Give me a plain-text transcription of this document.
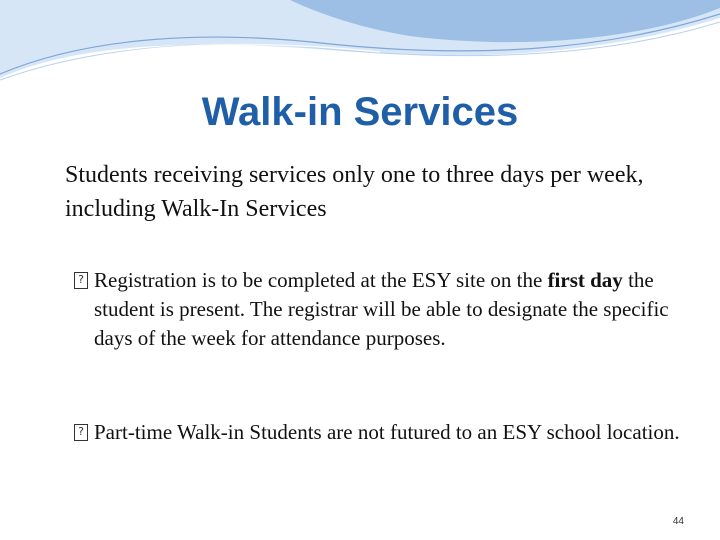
Walk-in Services
Students receiving services only one to three days per week, including Walk-In Services
?
Registration is to be completed at the ESY site on the first day the student is present. The registrar will be able to designate the specific days of the week for attendance purposes.
?
Part-time Walk-in Students are not futured to an ESY school location.
44
